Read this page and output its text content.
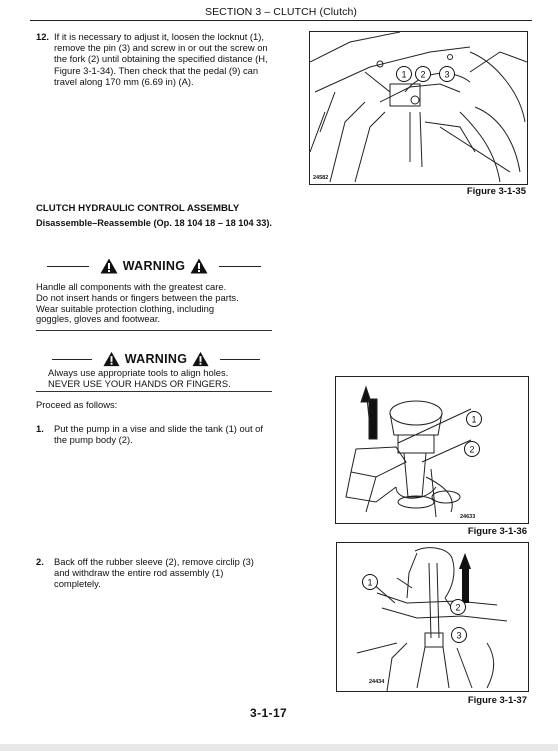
SECTION 3 – CLUTCH (Clutch)
12. If it is necessary to adjust it, loosen the locknut (1), remove the pin (3) and screw in or out the screw on the fork (2) until obtaining the specified distance (H, Figure 3-1-34). Then check that the pedal (9) can travel along 170 mm (6.69 in) (A).
CLUTCH HYDRAULIC CONTROL ASSEMBLY
Disassemble–Reassemble (Op. 18 104 18 – 18 104 33).
WARNING
Handle all components with the greatest care.
Do not insert hands or fingers between the parts.
Wear suitable protection clothing, including
goggles, gloves and footwear.
WARNING
Always use appropriate tools to align holes.
NEVER USE YOUR HANDS OR FINGERS.
Proceed as follows:
1. Put the pump in a vise and slide the tank (1) out of the pump body (2).
2. Back off the rubber sleeve (2), remove circlip (3) and withdraw the entire rod assembly (1) completely.
1 2 3
24582
Figure 3-1-35
1
2
24633
Figure 3-1-36
1
2
3
24434
Figure 3-1-37
3-1-17
